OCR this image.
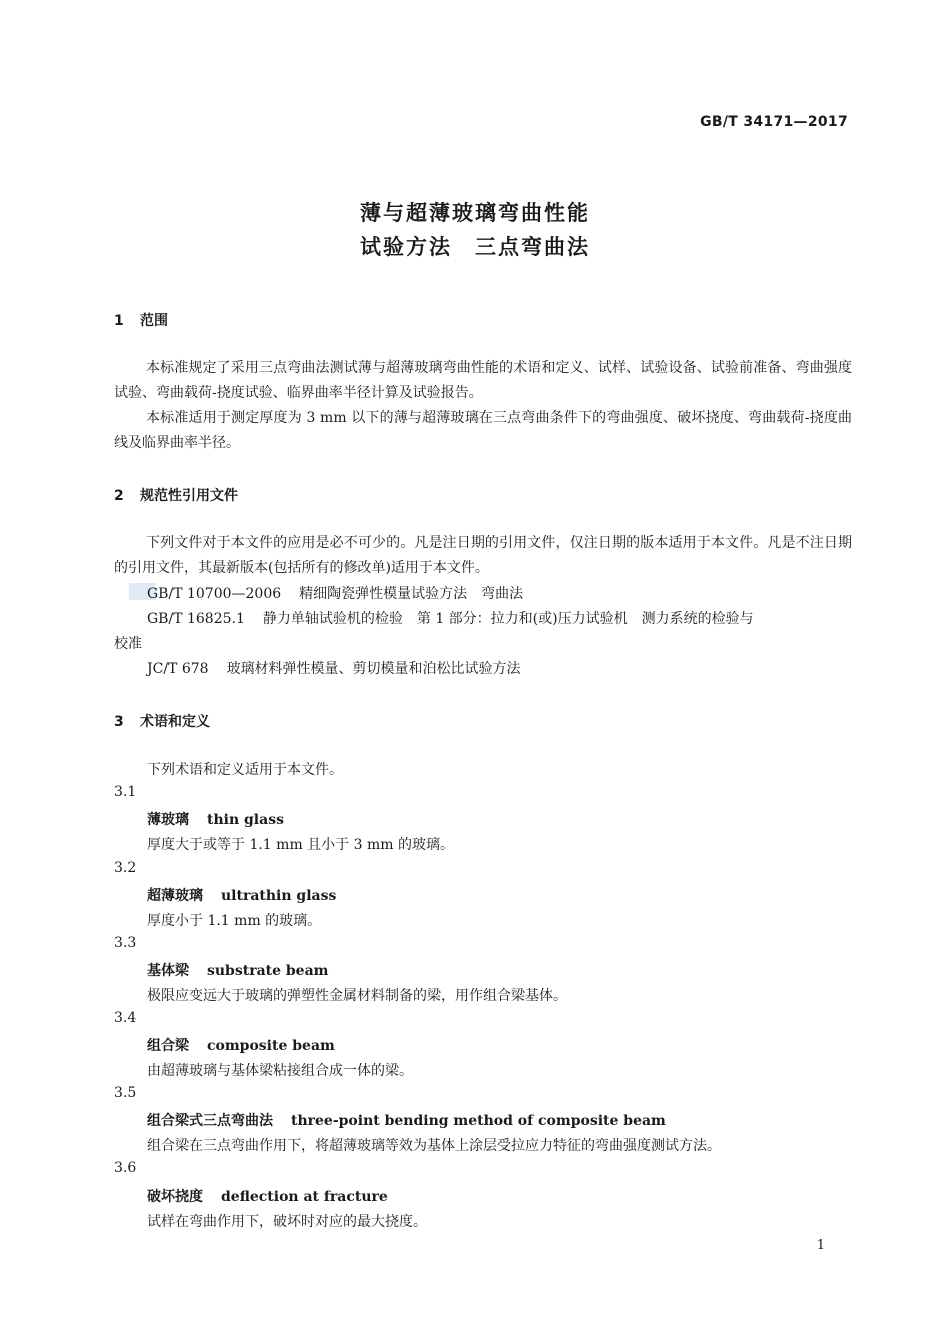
GB/T 34171—2017
薄与超薄玻璃弯曲性能
试验方法　三点弯曲法
1 范围
本标准规定了采用三点弯曲法测试薄与超薄玻璃弯曲性能的术语和定义、试样、试验设备、试验前准备、弯曲强度试验、弯曲载荷-挠度试验、临界曲率半径计算及试验报告。
本标准适用于测定厚度为 3 mm 以下的薄与超薄玻璃在三点弯曲条件下的弯曲强度、破坏挠度、弯曲载荷-挠度曲线及临界曲率半径。
2 规范性引用文件
下列文件对于本文件的应用是必不可少的。凡是注日期的引用文件，仅注日期的版本适用于本文件。凡是不注日期的引用文件，其最新版本(包括所有的修改单)适用于本文件。
GB/T 10700—2006 精细陶瓷弹性模量试验方法　弯曲法
GB/T 16825.1 静力单轴试验机的检验　第 1 部分：拉力和(或)压力试验机　测力系统的检验与
校准
JC/T 678 玻璃材料弹性模量、剪切模量和泊松比试验方法
3 术语和定义
下列术语和定义适用于本文件。
3.1
薄玻璃 thin glass
厚度大于或等于 1.1 mm 且小于 3 mm 的玻璃。
3.2
超薄玻璃 ultrathin glass
厚度小于 1.1 mm 的玻璃。
3.3
基体梁 substrate beam
极限应变远大于玻璃的弹塑性金属材料制备的梁，用作组合梁基体。
3.4
组合梁 composite beam
由超薄玻璃与基体梁粘接组合成一体的梁。
3.5
组合梁式三点弯曲法 three-point bending method of composite beam
组合梁在三点弯曲作用下，将超薄玻璃等效为基体上涂层受拉应力特征的弯曲强度测试方法。
3.6
破坏挠度 deflection at fracture
试样在弯曲作用下，破坏时对应的最大挠度。
1
